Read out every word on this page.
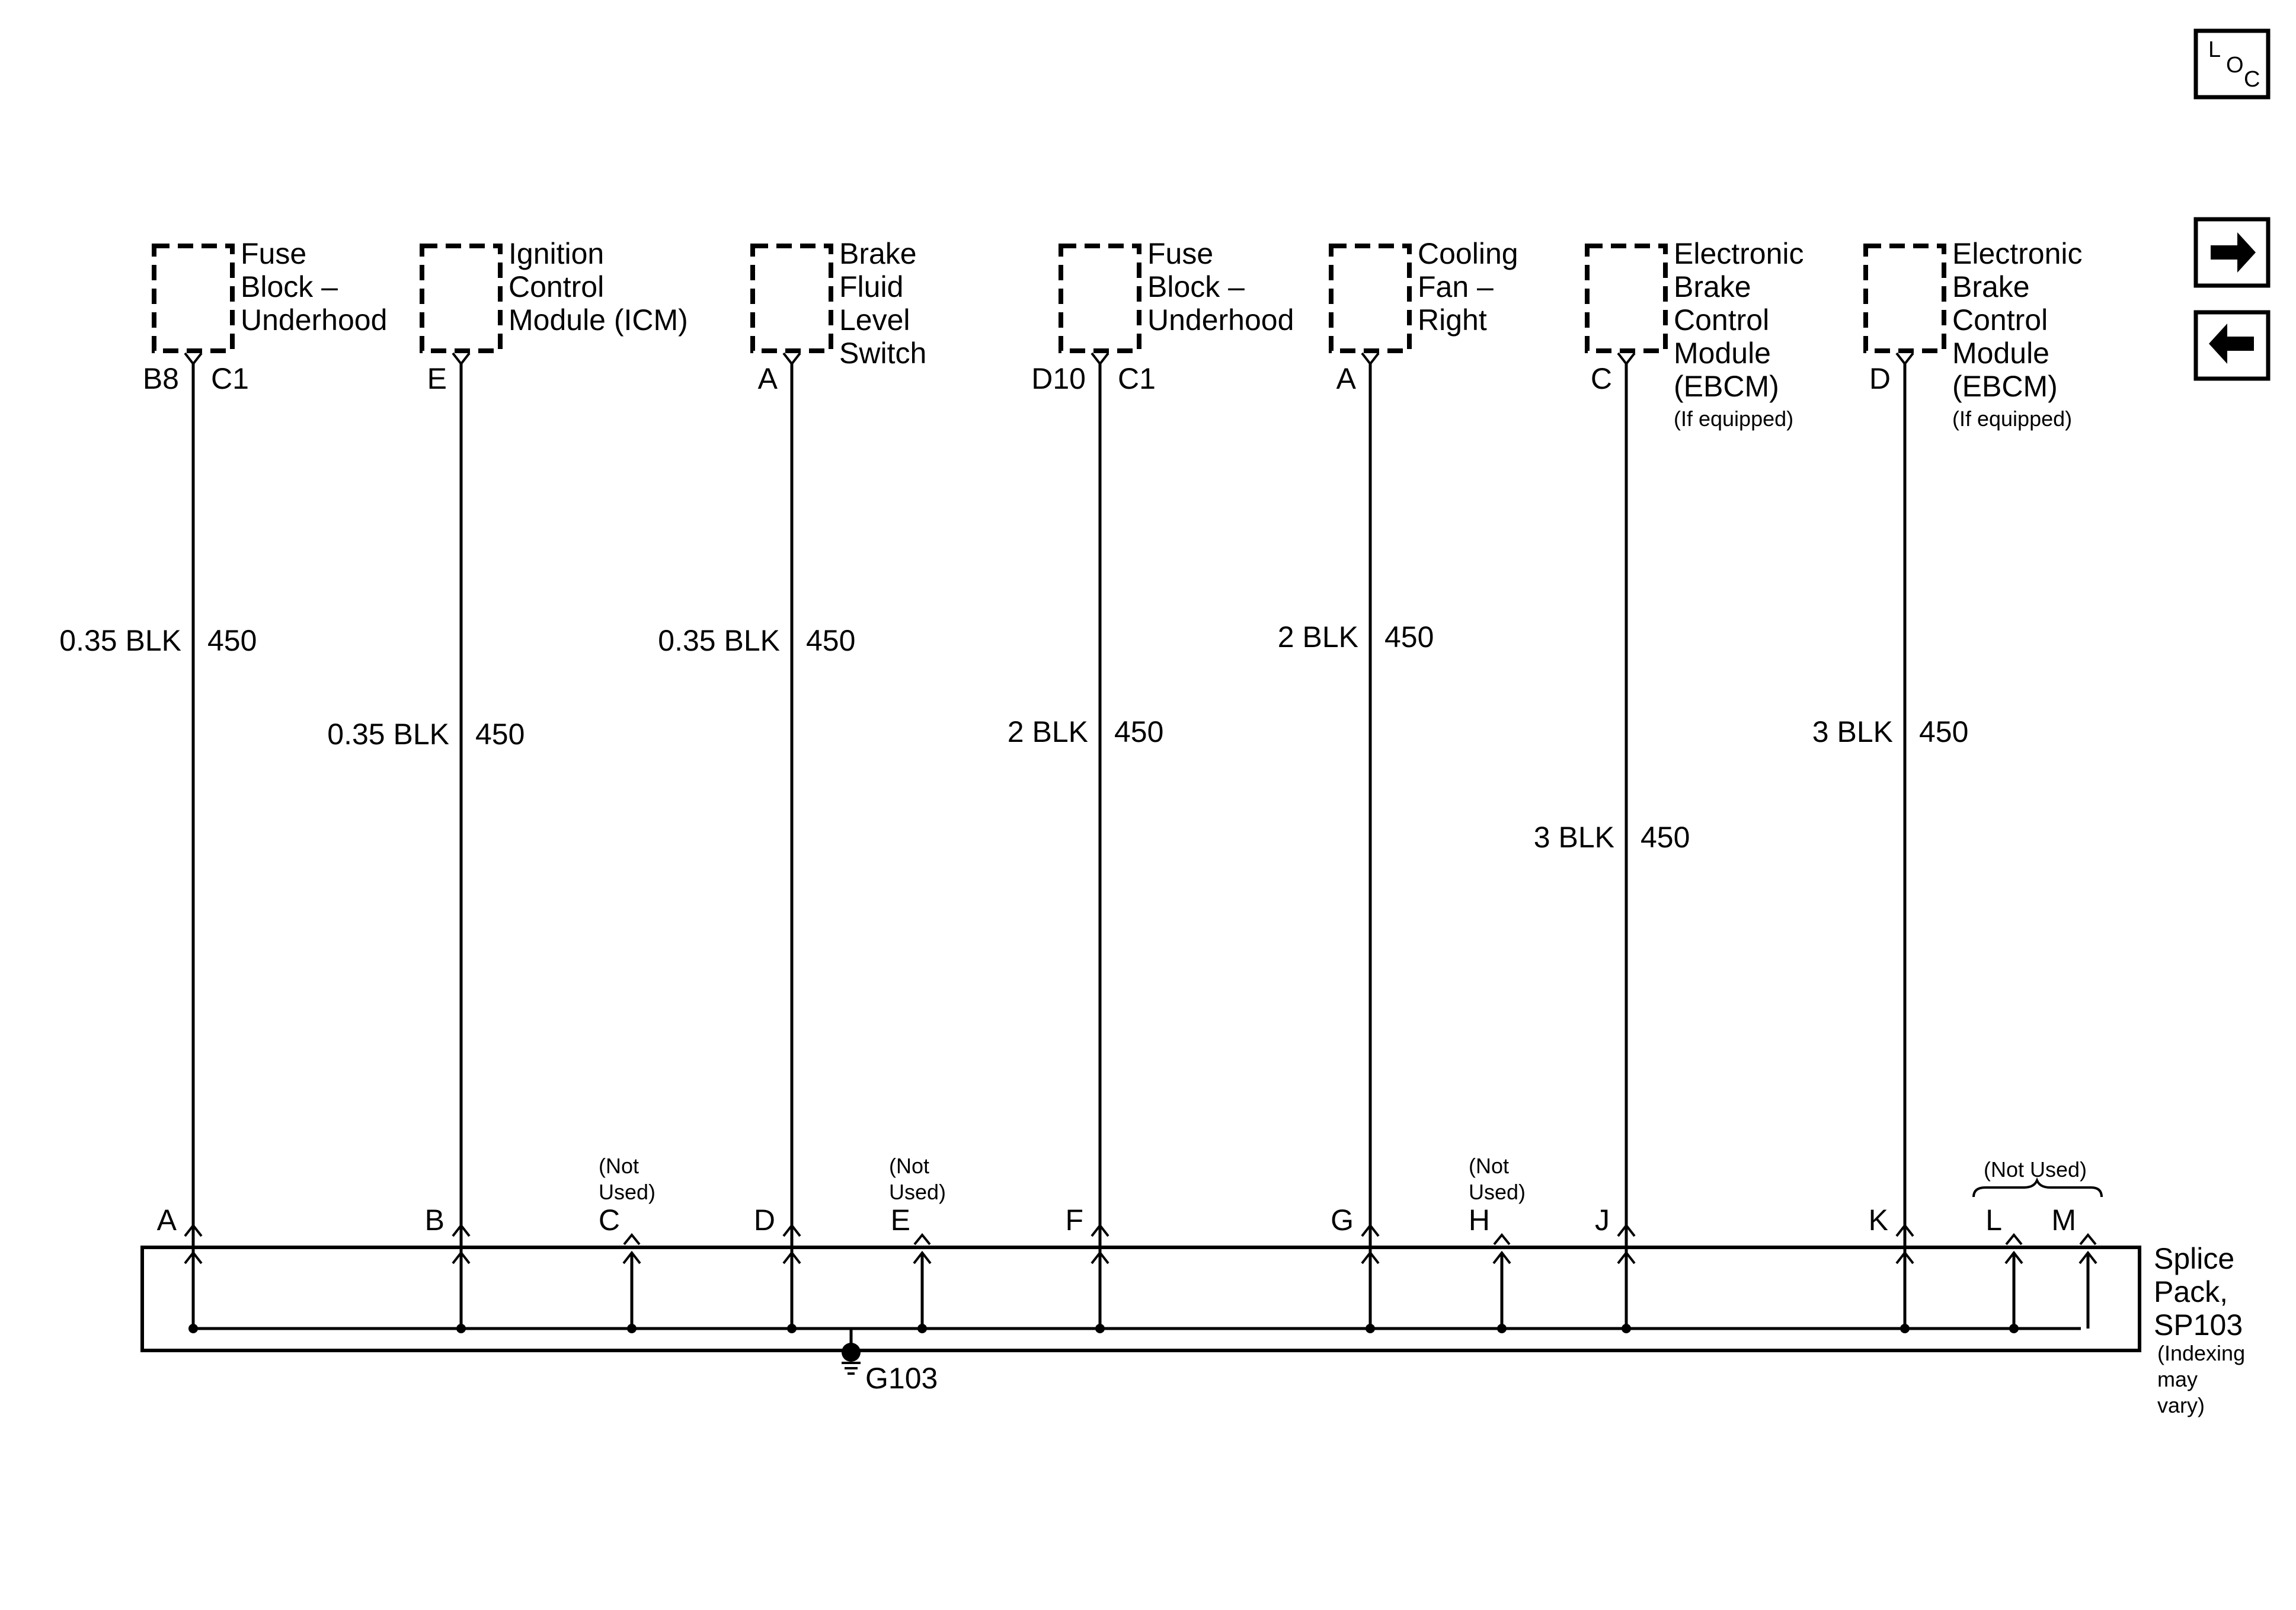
L
O
C
Fuse
Block –
Underhood
B8 C1
0.35 BLK 450
A
Ignition
Control
Module (ICM)
E
0.35 BLK 450
B
Brake
Fluid
Level
Switch
A
0.35 BLK 450
D
Fuse
Block –
Underhood
D10 C1
2 BLK 450
F
Cooling
Fan –
Right
A
2 BLK 450
G
Electronic
Brake
Control
Module
(EBCM)
(If equipped)
C
3 BLK 450
J
Electronic
Brake
Control
Module
(EBCM)
(If equipped)
D
3 BLK 450
K
(Not
Used)
C
(Not
Used)
E
(Not
Used)
H	L M
(Not Used)
G103
Splice
Pack,
SP103
(Indexing
may
vary)
